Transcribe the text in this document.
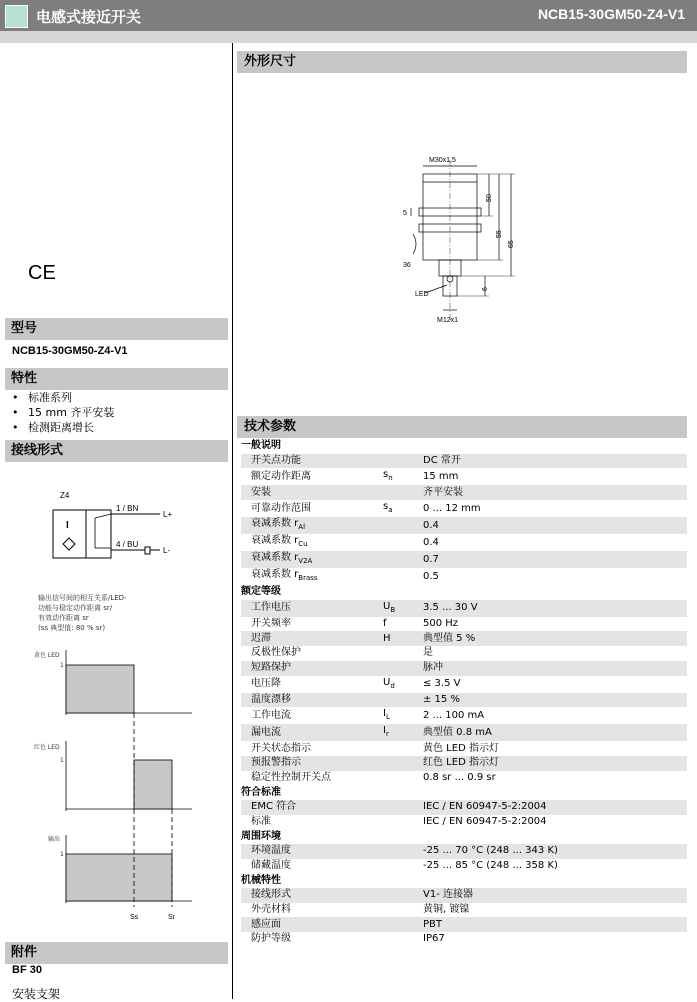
电感式接近开关	NCB15-30GM50-Z4-V1
CE
型号
NCB15-30GM50-Z4-V1
特性
• 标准系列
• 15 mm 齐平安装
• 检测距离增长
接线形式
Z4
I
1 / BN
4 / BU
L+
L-
输出信号间的相互关系/LED-
功能与稳定动作距离 sr/
有效动作距离 sr
(ss 典型值: 80 % sr)
黄色 LED
红色 LED
输出
1
1
1
Ss	Sr
附件
BF 30
安装支架
外形尺寸
M30x1,5
5
50
55
65
36
LED
6
M12x1
技术参数
一般说明		
开关点功能		DC 常开
额定动作距离	$s_n$	15 mm
安装		齐平安装
可靠动作范围	$s_a$	0 ... 12 mm
衰减系数 $r_{Al}$		0.4
衰减系数 $r_{Cu}$		0.4
衰减系数 $r_{V2A}$		0.7
衰减系数 $r_{Brass}$		0.5
额定等级		
工作电压	$U_B$	3.5 ... 30 V
开关频率	f	500 Hz
迟滞	H	典型值 5 %
反极性保护		是
短路保护		脉冲
电压降	$U_d$	≤ 3.5 V
温度漂移		± 15 %
工作电流	$I_L$	2 ... 100 mA
漏电流	$I_r$	典型值 0.8 mA
开关状态指示		黄色 LED 指示灯
预报警指示		红色 LED 指示灯
稳定性控制开关点		0.8 sr ... 0.9 sr
符合标准		
EMC 符合		IEC / EN 60947-5-2:2004
标准		IEC / EN 60947-5-2:2004
周围环境		
环境温度		-25 ... 70 °C (248 ... 343 K)
储藏温度		-25 ... 85 °C (248 ... 358 K)
机械特性		
接线形式		V1- 连接器
外壳材料		黄铜, 镀镍
感应面		PBT
防护等级		IP67
